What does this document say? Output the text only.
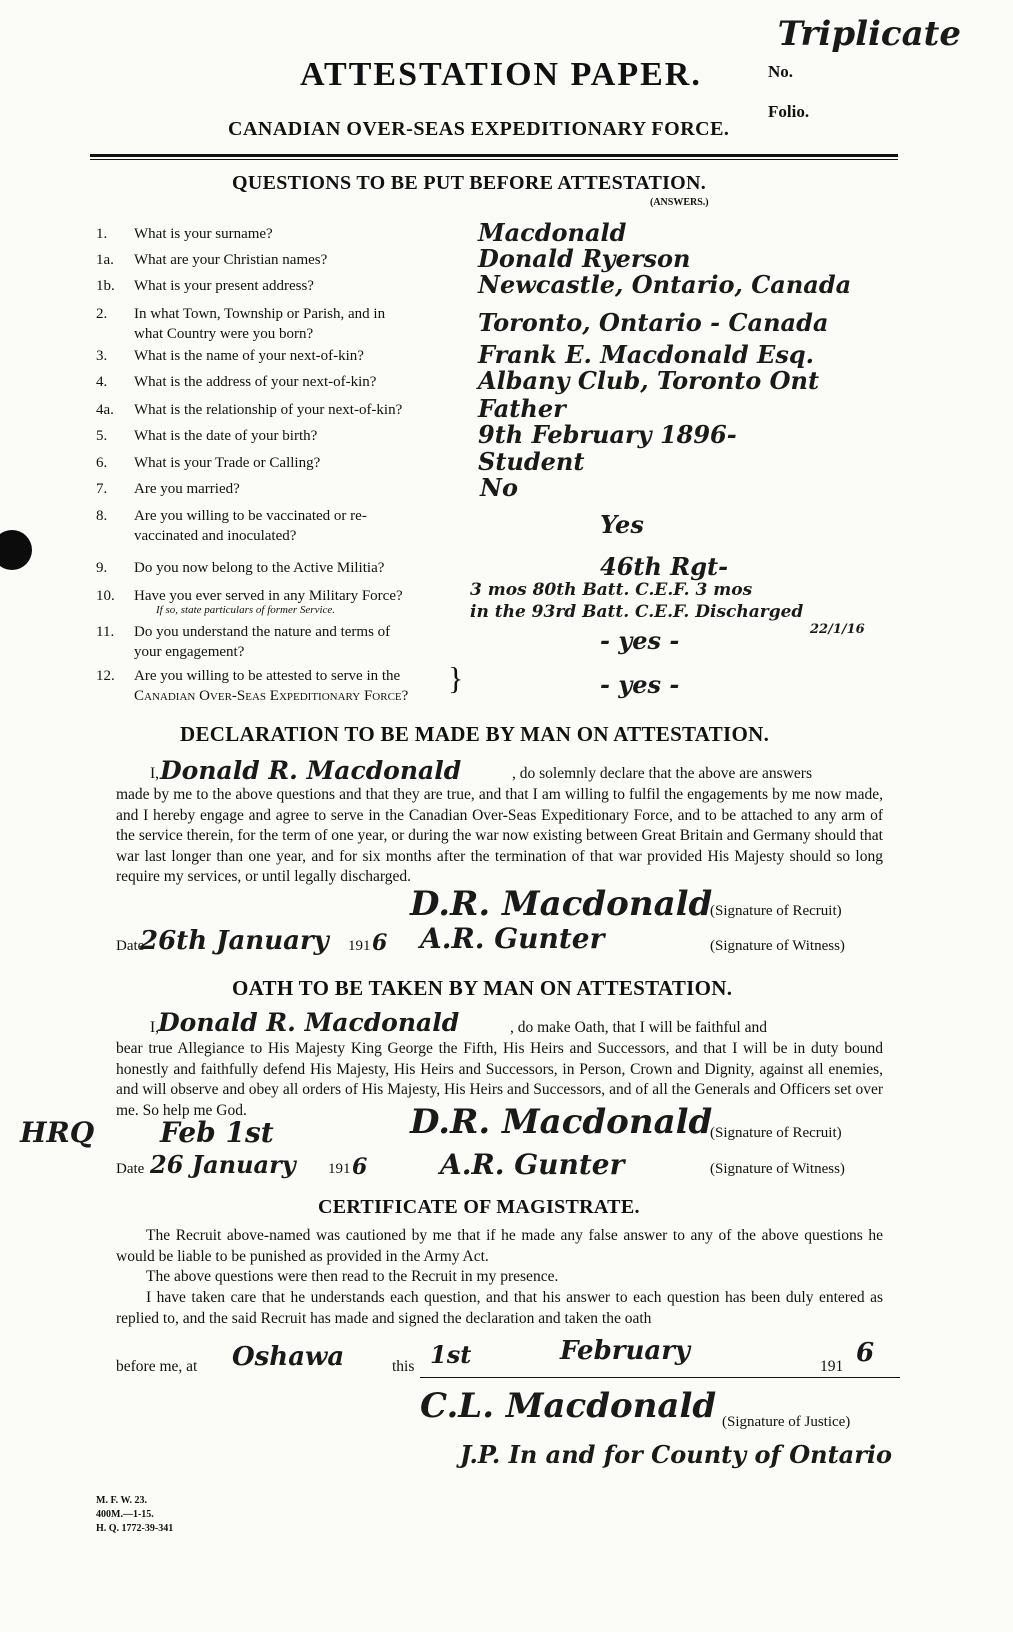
Triplicate
ATTESTATION PAPER.	No.
Folio.
CANADIAN OVER-SEAS EXPEDITIONARY FORCE.
QUESTIONS TO BE PUT BEFORE ATTESTATION.
(ANSWERS.)
1.	What is your surname?	Macdonald
1a.	What are your Christian names?	Donald Ryerson
1b.	What is your present address?	Newcastle, Ontario, Canada
2.	In what Town, Township or Parish, and in
what Country were you born?	Toronto, Ontario - Canada
3.	What is the name of your next-of-kin?	Frank E. Macdonald Esq.
4.	What is the address of your next-of-kin?	Albany Club, Toronto Ont
4a.	What is the relationship of your next-of-kin?	Father
5.	What is the date of your birth?	9th February 1896-
6.	What is your Trade or Calling?	Student
7.	Are you married?	No
8.	Are you willing to be vaccinated or re-
vaccinated and inoculated?	Yes
9.	Do you now belong to the Active Militia?	46th Rgt-
10.	Have you ever served in any Military Force?
If so, state particulars of former Service.
3 mos 80th Batt. C.E.F. 3 mos
in the 93rd Batt. C.E.F. Discharged
22/1/16
11.	Do you understand the nature and terms of
your engagement?	- yes -
12.	Are you willing to be attested to serve in the
Canadian Over-Seas Expeditionary Force?	- yes -
}
DECLARATION TO BE MADE BY MAN ON ATTESTATION.
I, Donald R. Macdonald	, do solemnly declare that the above are answers
made by me to the above questions and that they are true, and that I am willing to fulfil the engagements by me now made, and I hereby engage and agree to serve in the Canadian Over-Seas Expeditionary Force, and to be attached to any arm of the service therein, for the term of one year, or during the war now existing between Great Britain and Germany should that war last longer than one year, and for six months after the termination of that war provided His Majesty should so long require my services, or until legally discharged.
D.R. Macdonald
(Signature of Recruit)
Date
26th January 191 6 A.R. Gunter	(Signature of Witness)
OATH TO BE TAKEN BY MAN ON ATTESTATION.
I,
Donald R. Macdonald	, do make Oath, that I will be faithful and
bear true Allegiance to His Majesty King George the Fifth, His Heirs and Successors, and that I will be in duty bound honestly and faithfully defend His Majesty, His Heirs and Successors, in Person, Crown and Dignity, against all enemies, and will observe and obey all orders of His Majesty, His Heirs and Successors, and of all the Generals and Officers set over me. So help me God.
HRQ Feb 1st	D.R. Macdonald
(Signature of Recruit)
Date 26 January 191 6	A.R. Gunter	(Signature of Witness)
CERTIFICATE OF MAGISTRATE.
The Recruit above-named was cautioned by me that if he made any false answer to any of the above questions he would be liable to be punished as provided in the Army Act.
The above questions were then read to the Recruit in my presence.
I have taken care that he understands each question, and that his answer to each question has been duly entered as replied to, and the said Recruit has made and signed the declaration and taken the oath
before me, at Oshawa	this 1st	February
191 6
C.L. Macdonald (Signature of Justice)
J.P. In and for County of Ontario
M. F. W. 23.
400M.—1-15.
H. Q. 1772-39-341
